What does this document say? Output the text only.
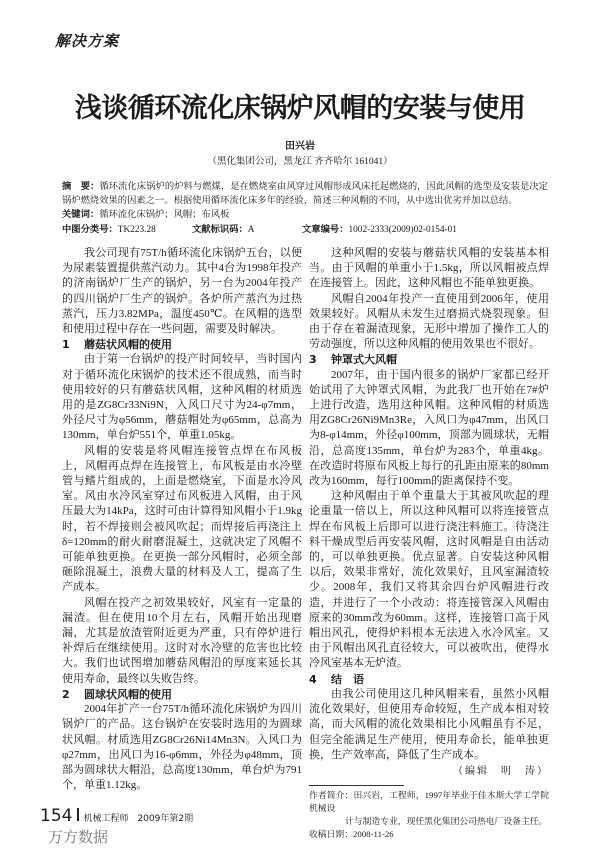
解决方案
浅谈循环流化床锅炉风帽的安装与使用
田兴岩
（黑化集团公司，黑龙江 齐齐哈尔 161041）
摘　要：循环流化床锅炉的炉料与燃煤，是在燃烧室由风穿过风帽形成风床托起燃烧的，因此风帽的选型及安装是决定锅炉燃烧效果的因素之一。根据使用循环流化床多年的经验，简述三种风帽的不同，从中选出优劣并加以总结。
关键词：循环流化床锅炉；风帽；布风板
中图分类号：TK223.28	文献标识码：A	文章编号：1002-2333(2009)02-0154-01

我公司现有75T/h循环流化床锅炉五台，以便为尿素装置提供蒸汽动力。其中4台为1998年投产的济南锅炉厂生产的锅炉，另一台为2004年投产的四川锅炉厂生产的锅炉。各炉所产蒸汽为过热蒸汽，压力3.82MPa，温度450℃。在风帽的选型和使用过程中存在一些问题，需要及时解决。

1 蘑菇状风帽的使用

由于第一台锅炉的投产时间较早，当时国内对于循环流化床锅炉的技术还不很成熟，而当时使用较好的只有蘑菇状风帽，这种风帽的材质选用的是ZG8Cr33Ni9N，入风口尺寸为24-φ7mm，外径尺寸为φ56mm，蘑菇帽处为φ65mm，总高为130mm，单台炉551个，单重1.05kg。

风帽的安装是将风帽连接管点焊在布风板上，风帽再点焊在连接管上，布风板是由水冷壁管与鳍片组成的，上面是燃烧室，下面是水冷风室。风由水冷风室穿过布风板进入风帽，由于风压最大为14kPa，这时可由计算得知风帽小于1.9kg时，若不焊接则会被风吹起；而焊接后再浇注上δ=120mm的耐火耐磨混凝土，这就决定了风帽不可能单独更换。在更换一部分风帽时，必须全部砸除混凝土，浪费大量的材料及人工，提高了生产成本。

风帽在投产之初效果较好，风室有一定量的漏渣。但在使用10个月左右，风帽开始出现磨漏，尤其是放渣管附近更为严重，只有停炉进行补焊后在继续使用。这时对水冷壁的危害也比较大。我们也试图增加蘑菇风帽沿的厚度来延长其使用寿命，最终以失败告终。

2 圆球状风帽的使用

2004年扩产一台75T/h循环流化床锅炉为四川锅炉厂的产品。这台锅炉在安装时选用的为圆球状风帽。材质选用ZG8Cr26Ni14Mn3N。入风口为φ27mm，出风口为16-φ6mm，外径为φ48mm，顶部为圆球状大帽沿，总高度130mm，单台炉为791个，单重1.12kg。

这种风帽的安装与蘑菇状风帽的安装基本相当。由于风帽的单重小于1.5kg，所以风帽被点焊在连接管上。因此，这种风帽也不能单独更换。

风帽自2004年投产一直使用到2006年，使用效果较好。风帽从未发生过磨损式烧裂现象。但由于存在着漏渣现象，无形中增加了操作工人的劳动强度，所以这种风帽的使用效果也不很好。

3 钟罩式大风帽

2007年，由于国内很多的锅炉厂家都已经开始试用了大钟罩式风帽，为此我厂也开始在7#炉上进行改造，选用这种风帽。这种风帽的材质选用ZG8Cr26Ni9Mn3Re，入风口为φ47mm，出风口为8-φ14mm，外径φ100mm，顶部为圆球状，无帽沿，总高度135mm，单台炉为283个，单重4kg。在改造时将原布风板上每行的孔距由原来的80mm改为160mm，每行100mm的距离保持不变。

这种风帽由于单个重量大于其被风吹起的理论重量一倍以上，所以这种风帽可以将连接管点焊在布风板上后即可以进行浇注料施工。待浇注料干燥成型后再安装风帽，这时风帽是自由活动的，可以单独更换。优点显著。自安装这种风帽以后，效果非常好，流化效果好，且风室漏渣较少。2008年，我们又将其余四台炉风帽进行改造，并进行了一个小改动：将连接管深入风帽由原来的30mm改为60mm。这样，连接管口高于风帽出风孔，使得炉料根本无法进入水冷风室。又由于风帽出风孔直径较大，可以被吹出，使得水冷风室基本无炉渣。

4 结　语

由我公司使用这几种风帽来看，虽然小风帽流化效果好，但使用寿命较短，生产成本相对较高，而大风帽的流化效果相比小风帽虽有不足，但完全能满足生产使用，使用寿命长，能单独更换，生产效率高，降低了生产成本。

（编辑　明　涛）
作者简介：田兴岩，工程师，1997年毕业于佳木斯大学工学院机械设
计与制造专业，现任黑化集团公司热电厂设备主任。
收稿日期：2008-11-26
154 机械工程师　2009年第2期
万方数据
